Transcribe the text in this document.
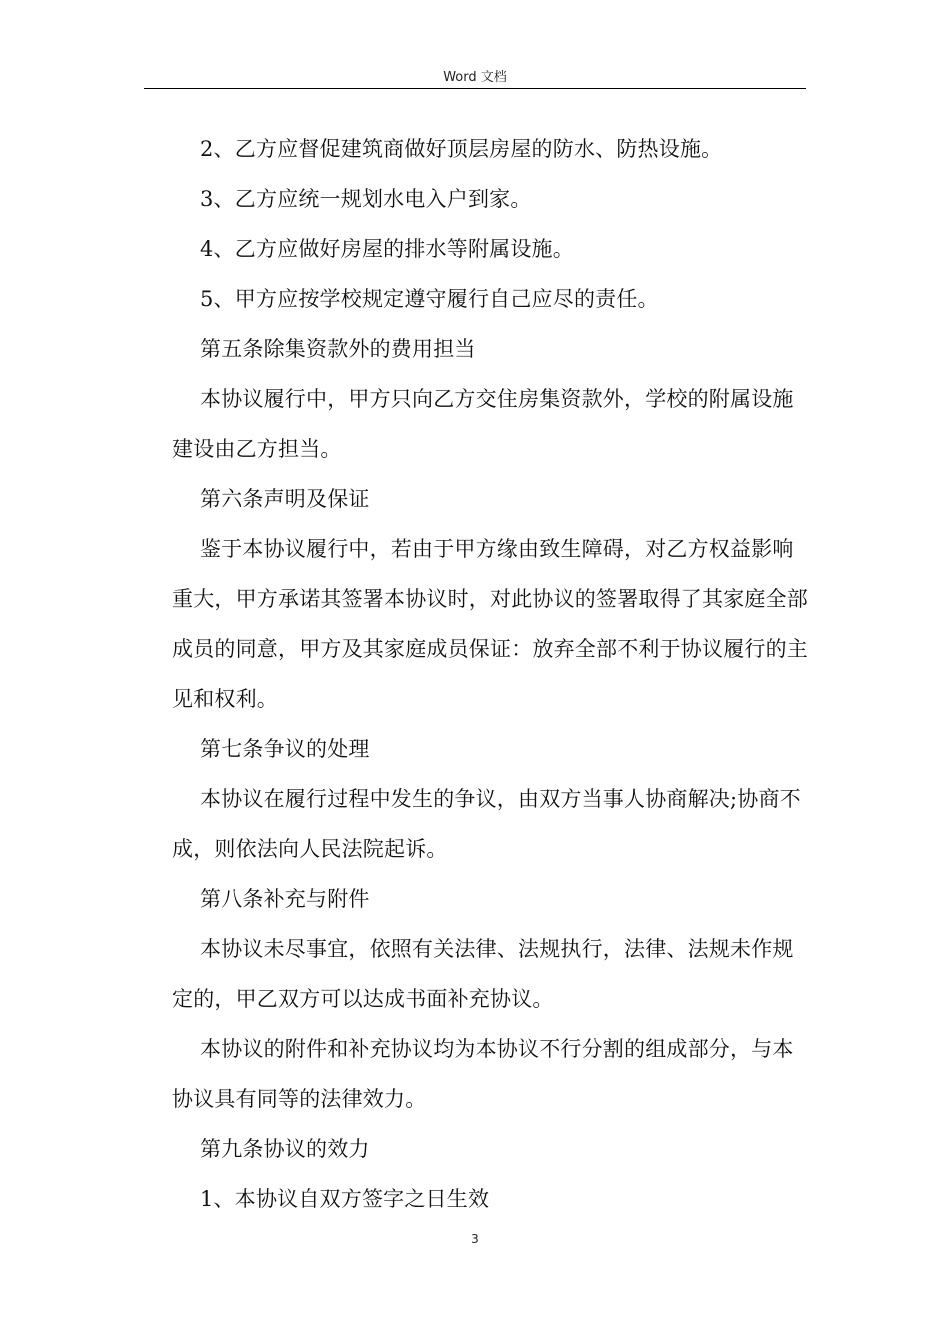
Word 文档

2、乙方应督促建筑商做好顶层房屋的防水、防热设施。

3、乙方应统一规划水电入户到家。

4、乙方应做好房屋的排水等附属设施。

5、甲方应按学校规定遵守履行自己应尽的责任。

第五条除集资款外的费用担当

本协议履行中，甲方只向乙方交住房集资款外，学校的附属设施建设由乙方担当。

第六条声明及保证

鉴于本协议履行中，若由于甲方缘由致生障碍，对乙方权益影响重大，甲方承诺其签署本协议时，对此协议的签署取得了其家庭全部成员的同意，甲方及其家庭成员保证：放弃全部不利于协议履行的主见和权利。

第七条争议的处理

本协议在履行过程中发生的争议，由双方当事人协商解决;协商不成，则依法向人民法院起诉。

第八条补充与附件

本协议未尽事宜，依照有关法律、法规执行，法律、法规未作规定的，甲乙双方可以达成书面补充协议。

本协议的附件和补充协议均为本协议不行分割的组成部分，与本协议具有同等的法律效力。

第九条协议的效力

1、本协议自双方签字之日生效

3
